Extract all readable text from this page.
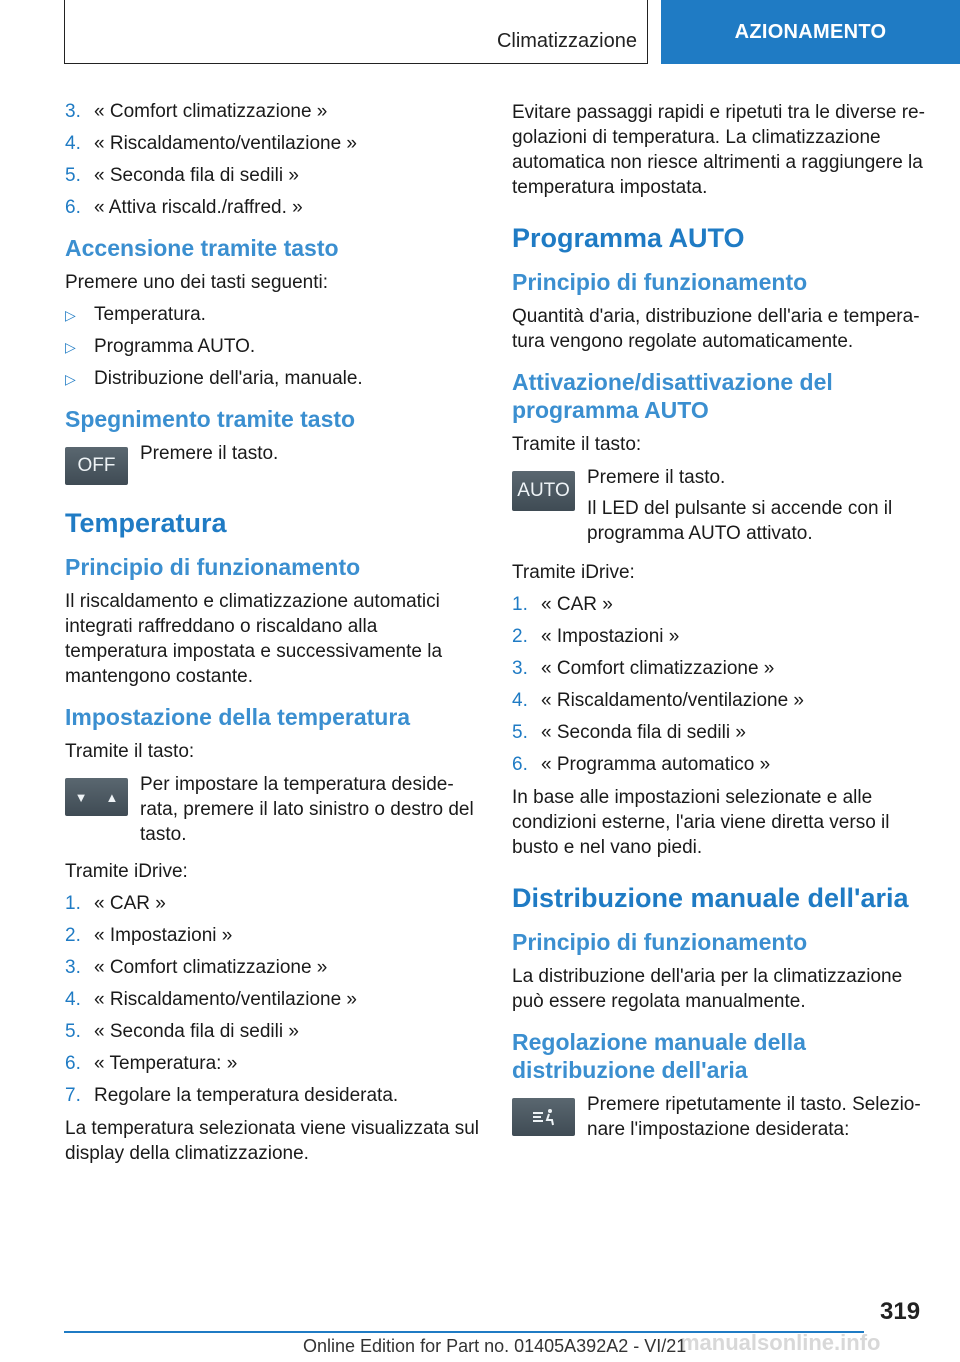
Climatizzazione	AZIONAMENTO
3. « Comfort climatizzazione »
4. « Riscaldamento/ventilazione »
5. « Seconda fila di sedili »
6. « Attiva riscald./raffred. »
Accensione tramite tasto

Premere uno dei tasti seguenti:

▷ Temperatura.
▷ Programma AUTO.
▷ Distribuzione dell'aria, manuale.
Spegnimento tramite tasto
OFF
Premere il tasto.
Temperatura
Principio di funzionamento

Il riscaldamento e climatizzazione automatici integrati raffreddano o riscaldano alla temperatura impostata e successivamente la mantengono costante.

Impostazione della temperatura

Tramite il tasto:

▼ ▲
Per impostare la temperatura desiderata, premere il lato sinistro o destro del tasto.

Tramite iDrive:

1. « CAR »
2. « Impostazioni »
3. « Comfort climatizzazione »
4. « Riscaldamento/ventilazione »
5. « Seconda fila di sedili »
6. « Temperatura: »
7. Regolare la temperatura desiderata.

La temperatura selezionata viene visualizzata sul display della climatizzazione.

Evitare passaggi rapidi e ripetuti tra le diverse regolazioni di temperatura. La climatizzazione automatica non riesce altrimenti a raggiungere la temperatura impostata.

Programma AUTO
Principio di funzionamento

Quantità d'aria, distribuzione dell'aria e temperatura vengono regolate automaticamente.

Attivazione/disattivazione del programma AUTO

Tramite il tasto:

AUTO
Premere il tasto.
Il LED del pulsante si accende con il programma AUTO attivato.

Tramite iDrive:

1. « CAR »
2. « Impostazioni »
3. « Comfort climatizzazione »
4. « Riscaldamento/ventilazione »
5. « Seconda fila di sedili »
6. « Programma automatico »

In base alle impostazioni selezionate e alle condizioni esterne, l'aria viene diretta verso il busto e nel vano piedi.

Distribuzione manuale dell'aria
Principio di funzionamento

La distribuzione dell'aria per la climatizzazione può essere regolata manualmente.

Regolazione manuale della distribuzione dell'aria
Premere ripetutamente il tasto. Selezionare l'impostazione desiderata:
319
manualsonline.info
Online Edition for Part no. 01405A392A2 - VI/21
